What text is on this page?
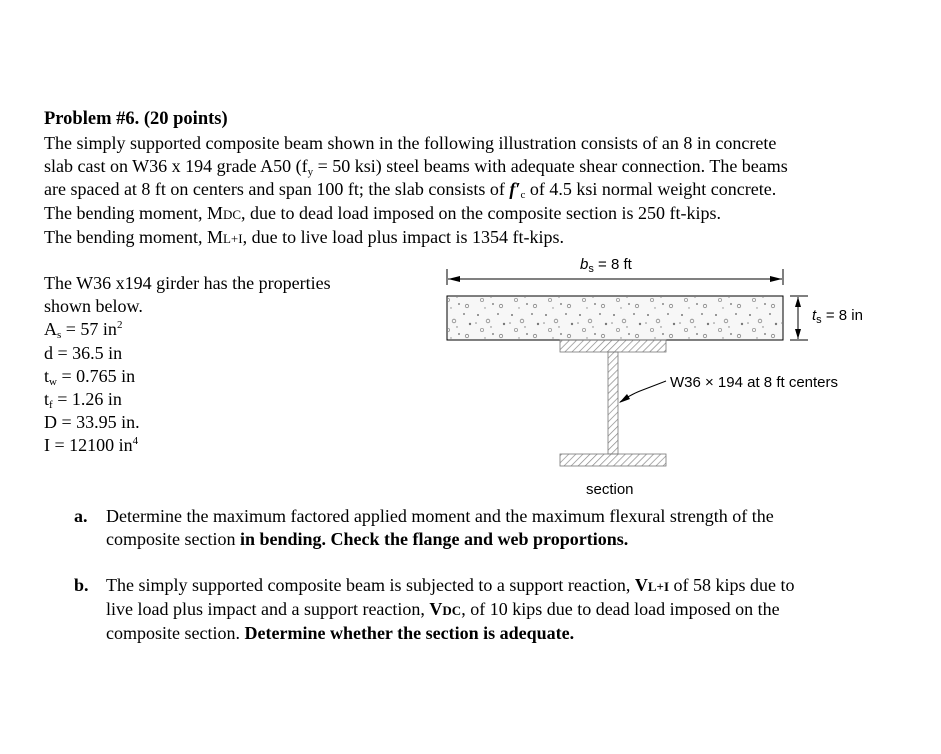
Problem #6. (20 points)
The simply supported composite beam shown in the following illustration consists of an 8 in concrete
slab cast on W36 x 194 grade A50 ($f_y = 50$ ksi) steel beams with adequate shear connection. The beams
are spaced at 8 ft on centers and span 100 ft; the slab consists of $f'_c$ of 4.5 ksi normal weight concrete.
The bending moment, MDC, due to dead load imposed on the composite section is 250 ft-kips.
The bending moment, ML+I, due to live load plus impact is 1354 ft-kips.
The W36 x194 girder has the properties
shown below.
$A_s = 57$ $in^2$
d = 36.5 in
$t_w = 0.765$ in
$t_f = 1.26$ in
D = 33.95 in.
I = 12100 $in^4$
$b_s = 8$ ft
$t_s = 8$ in
W36 × 194 at 8 ft centers
section
a. Determine the maximum factored applied moment and the maximum flexural strength of the
composite section in bending. Check the flange and web proportions.
b. The simply supported composite beam is subjected to a support reaction, VL+I of 58 kips due to
live load plus impact and a support reaction, VDC, of 10 kips due to dead load imposed on the
composite section. Determine whether the section is adequate.
